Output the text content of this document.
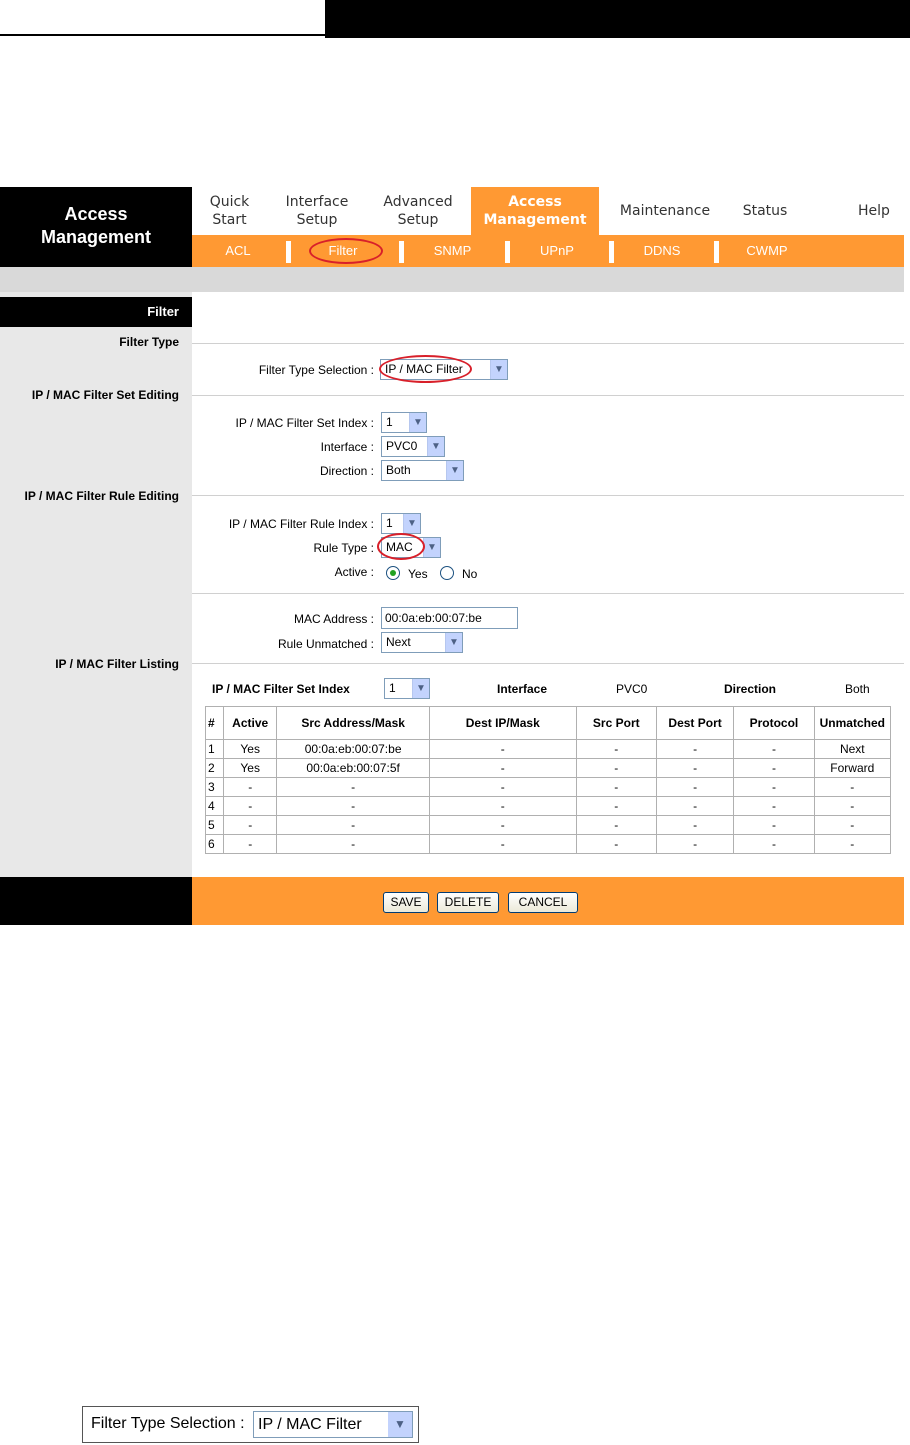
Access
Management
Quick
Start
Interface
Setup
Advanced
Setup
Access
Management
Maintenance Status	Help
ACL	Filter	SNMP	UPnP	DDNS	CWMP
Filter
Filter Type
IP / MAC Filter Set Editing
IP / MAC Filter Rule Editing
IP / MAC Filter Listing
Filter Type Selection : IP / MAC Filter	▼
IP / MAC Filter Set Index :	1	▼
Interface :	PVC0	▼
Direction :	Both	▼
IP / MAC Filter Rule Index :	1	▼
Rule Type :	MAC	▼
Active :	Yes	No
MAC Address : 00:0a:eb:00:07:be
Rule Unmatched :	Next	▼
IP / MAC Filter Set Index	1	▼	Interface	PVC0	Direction	Both
#	Active	Src Address/Mask	Dest IP/Mask	Src Port	Dest Port	Protocol	Unmatched
1	Yes	00:0a:eb:00:07:be	-	-	-	-	Next
2	Yes	00:0a:eb:00:07:5f	-	-	-	-	Forward
3	-	-	-	-	-	-	-
4	-	-	-	-	-	-	-
5	-	-	-	-	-	-	-
6	-	-	-	-	-	-	-
SAVE	DELETE	CANCEL
Filter Type Selection : IP / MAC Filter	▼
